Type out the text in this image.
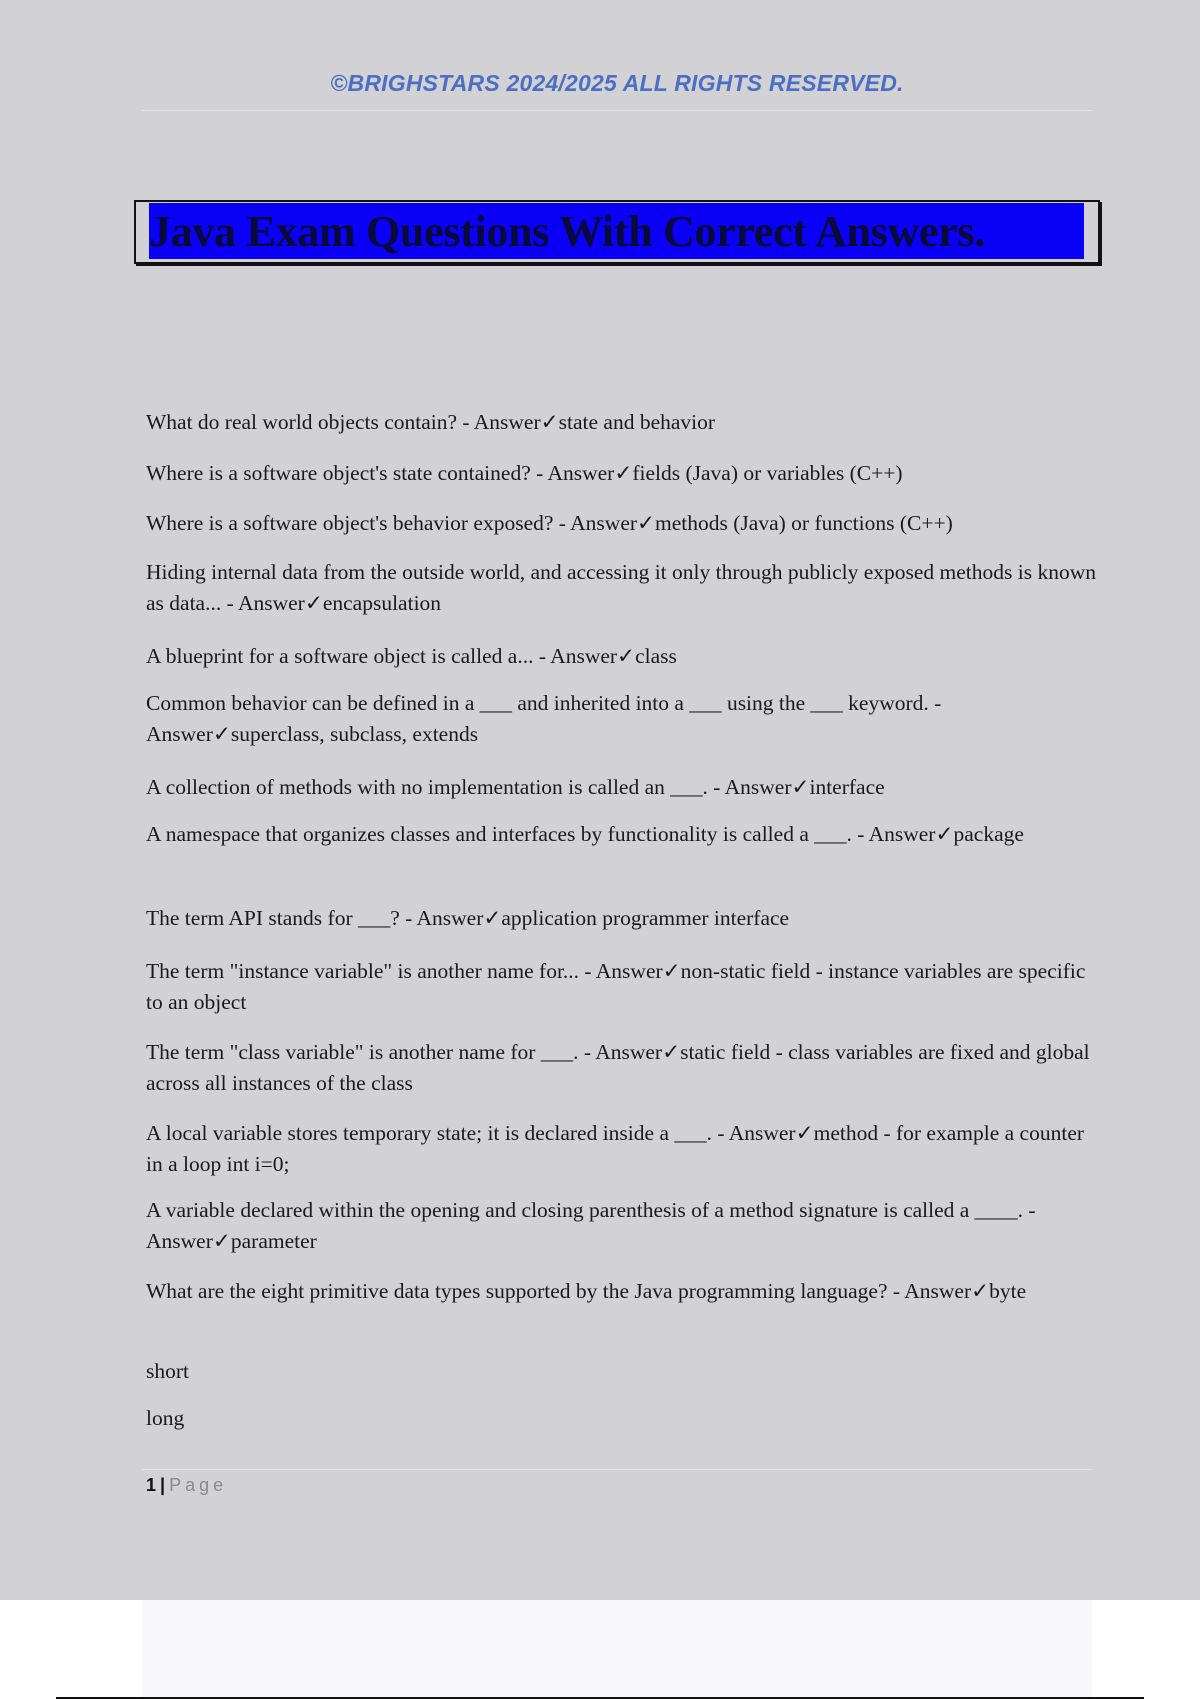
©BRIGHSTARS 2024/2025 ALL RIGHTS RESERVED.
Java Exam Questions With Correct Answers.

What do real world objects contain? - Answer✓state and behavior

Where is a software object's state contained? - Answer✓fields (Java) or variables (C++)

Where is a software object's behavior exposed? - Answer✓methods (Java) or functions (C++)

Hiding internal data from the outside world, and accessing it only through publicly exposed methods is known as data... - Answer✓encapsulation

A blueprint for a software object is called a... - Answer✓class

Common behavior can be defined in a ___ and inherited into a ___ using the ___ keyword. - Answer✓superclass, subclass, extends

A collection of methods with no implementation is called an ___. - Answer✓interface

A namespace that organizes classes and interfaces by functionality is called a ___. - Answer✓package

The term API stands for ___? - Answer✓application programmer interface

The term "instance variable" is another name for... - Answer✓non-static field - instance variables are specific to an object

The term "class variable" is another name for ___. - Answer✓static field - class variables are fixed and global across all instances of the class

A local variable stores temporary state; it is declared inside a ___. - Answer✓method - for example a counter in a loop int i=0;

A variable declared within the opening and closing parenthesis of a method signature is called a ____. - Answer✓parameter

What are the eight primitive data types supported by the Java programming language? - Answer✓byte

short

long

1 | Page
